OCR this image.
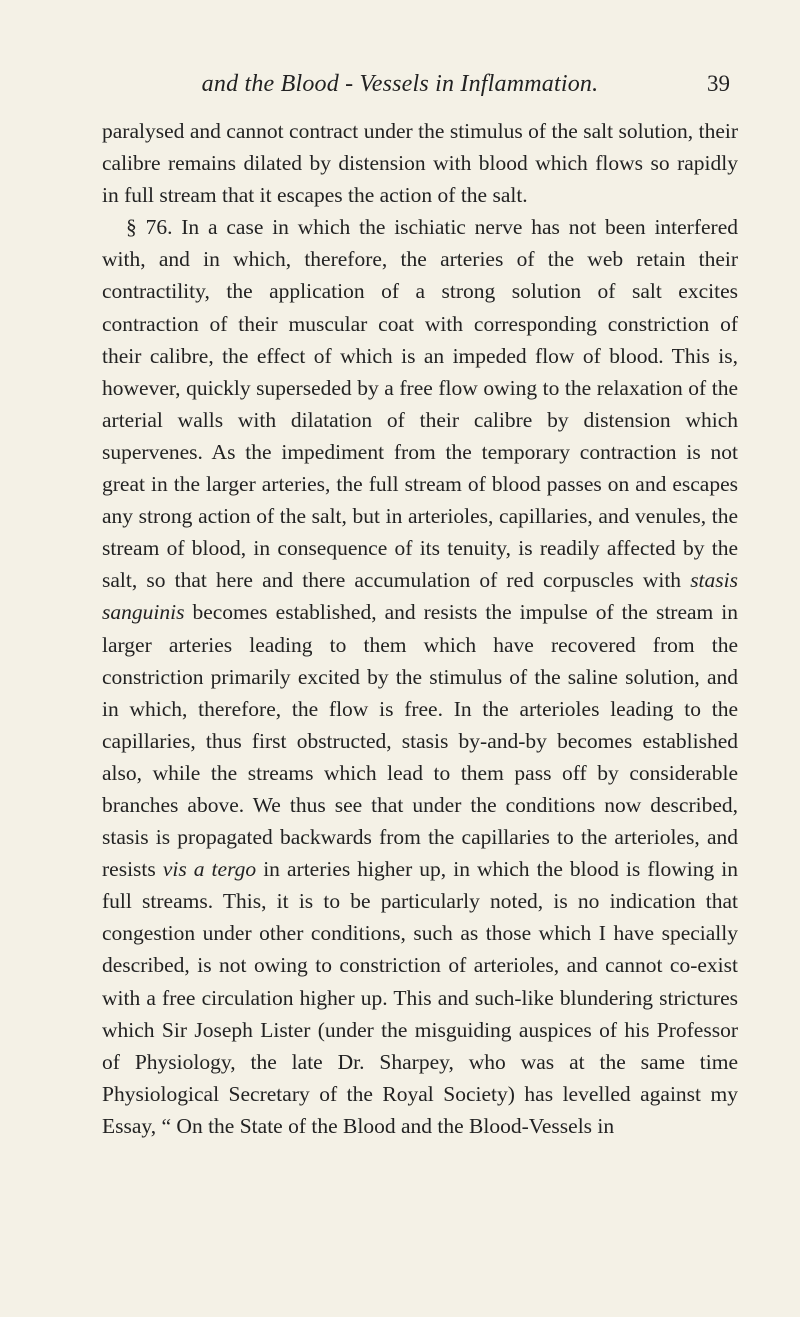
and the Blood - Vessels in Inflammation.	39

paralysed and cannot contract under the stimulus of the salt solution, their calibre remains dilated by distension with blood which flows so rapidly in full stream that it escapes the action of the salt.

§ 76. In a case in which the ischiatic nerve has not been interfered with, and in which, therefore, the arteries of the web retain their contractility, the application of a strong solution of salt excites contraction of their muscular coat with corresponding constriction of their calibre, the effect of which is an impeded flow of blood. This is, however, quickly superseded by a free flow owing to the relaxation of the arterial walls with dilatation of their calibre by distension which supervenes. As the impediment from the temporary contraction is not great in the larger arteries, the full stream of blood passes on and escapes any strong action of the salt, but in arterioles, capillaries, and venules, the stream of blood, in consequence of its tenuity, is readily affected by the salt, so that here and there accumulation of red corpuscles with stasis sanguinis becomes established, and resists the impulse of the stream in larger arteries leading to them which have recovered from the constriction primarily excited by the stimulus of the saline solution, and in which, therefore, the flow is free. In the arterioles leading to the capillaries, thus first obstructed, stasis by-and-by becomes established also, while the streams which lead to them pass off by considerable branches above. We thus see that under the conditions now described, stasis is propagated backwards from the capillaries to the arterioles, and resists vis a tergo in arteries higher up, in which the blood is flowing in full streams. This, it is to be particularly noted, is no indication that congestion under other conditions, such as those which I have specially described, is not owing to constriction of arterioles, and cannot co-exist with a free circulation higher up. This and such-like blundering strictures which Sir Joseph Lister (under the misguiding auspices of his Professor of Physiology, the late Dr. Sharpey, who was at the same time Physiological Secretary of the Royal Society) has levelled against my Essay, “ On the State of the Blood and the Blood-Vessels in
